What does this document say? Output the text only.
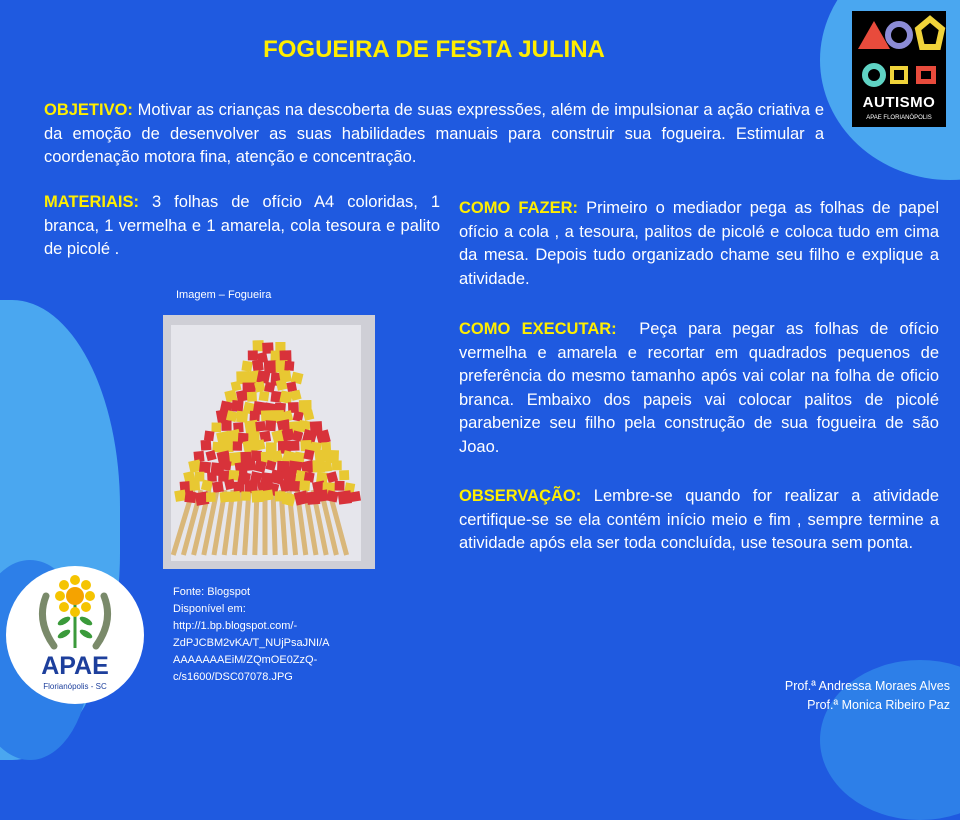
FOGUEIRA DE FESTA JULINA
OBJETIVO: Motivar as crianças na descoberta de suas expressões, além de impulsionar a ação criativa e da emoção de desenvolver as suas habilidades manuais para construir sua fogueira. Estimular a coordenação motora fina, atenção e concentração.
MATERIAIS: 3 folhas de ofício A4 coloridas, 1 branca, 1 vermelha e 1 amarela, cola tesoura e palito de picolé .
COMO FAZER: Primeiro o mediador pega as folhas de papel ofício a cola , a tesoura, palitos de picolé e coloca tudo em cima da mesa. Depois tudo organizado chame seu filho e explique a atividade.
COMO EXECUTAR:  Peça para pegar as folhas de ofício vermelha e amarela e recortar em quadrados pequenos de preferência do mesmo tamanho após vai colar na folha de oficio branca. Embaixo dos papeis vai colocar palitos de picolé parabenize seu filho pela construção de sua fogueira de são Joao.
OBSERVAÇÃO: Lembre-se quando for realizar a atividade certifique-se se ela contém início meio e fim , sempre termine a atividade após ela ser toda concluída, use tesoura sem ponta.
Imagem – Fogueira
Fonte: Blogspot
Disponível em:
http://1.bp.blogspot.com/-
ZdPJCBM2vKA/T_NUjPsaJNI/A
AAAAAAAEiM/ZQmOE0ZzQ-
c/s1600/DSC07078.JPG
AUTISMO
APAE FLORIANÓPOLIS
APAE
Florianópolis - SC	Prof.ª Andressa Moraes Alves
Prof.ª Monica Ribeiro Paz
